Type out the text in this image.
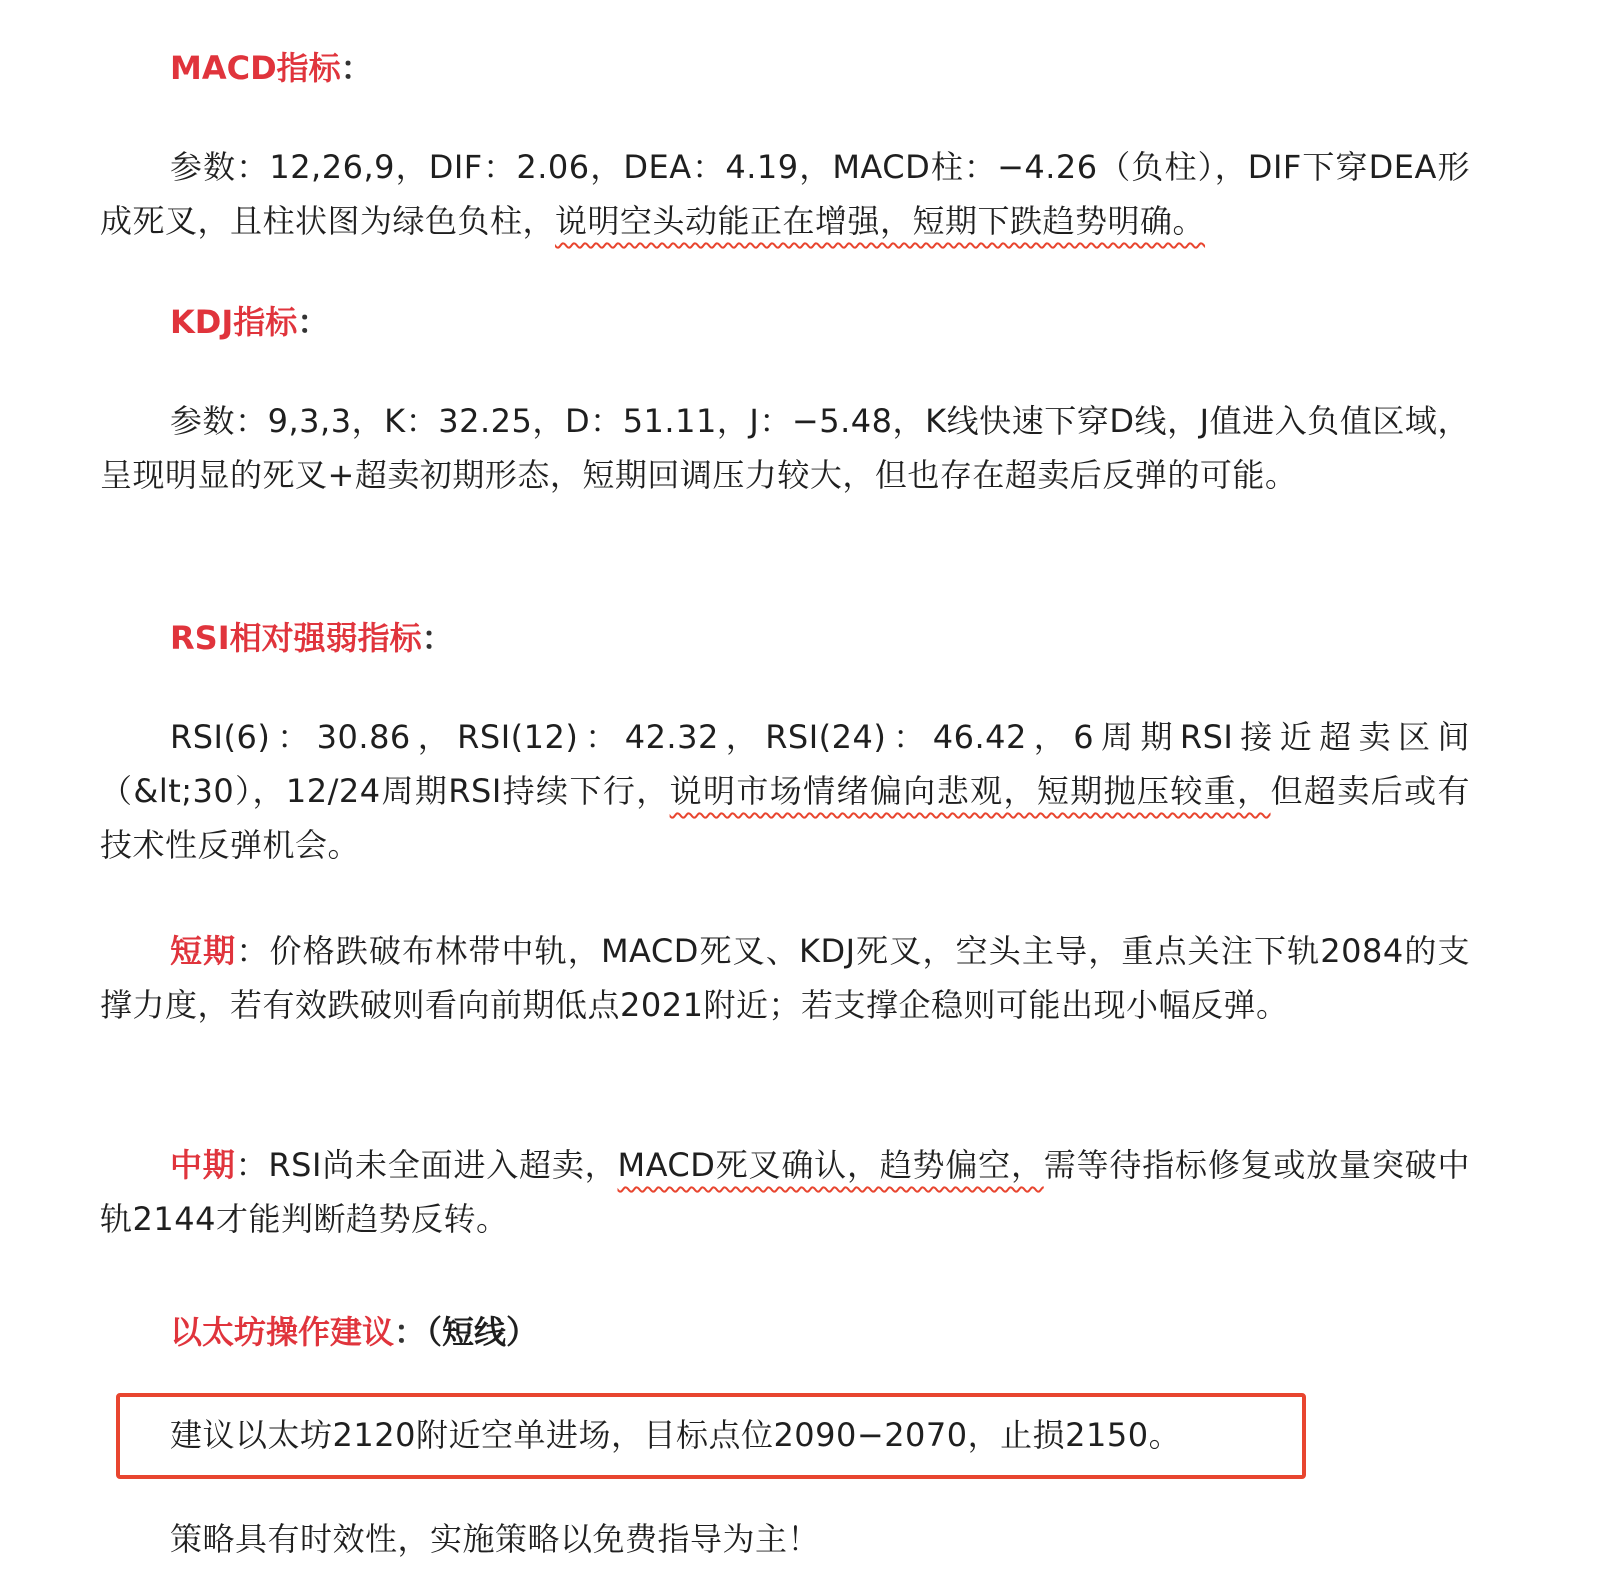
MACD指标：

参数：12,26,9，DIF：2.06，DEA：4.19，MACD柱：−4.26（负柱），DIF下穿DEA形成死叉，且柱状图为绿色负柱，说明空头动能正在增强，短期下跌趋势明确。

KDJ指标：

参数：9,3,3，K：32.25，D：51.11，J：−5.48，K线快速下穿D线，J值进入负值区域，呈现明显的死叉+超卖初期形态，短期回调压力较大，但也存在超卖后反弹的可能。

RSI相对强弱指标：

RSI(6)：30.86，RSI(12)：42.32，RSI(24)：46.42，6周期RSI接近超卖区间（&lt;30），12/24周期RSI持续下行，说明市场情绪偏向悲观，短期抛压较重，但超卖后或有技术性反弹机会。

短期：价格跌破布林带中轨，MACD死叉、KDJ死叉，空头主导，重点关注下轨2084的支撑力度，若有效跌破则看向前期低点2021附近；若支撑企稳则可能出现小幅反弹。

中期：RSI尚未全面进入超卖，MACD死叉确认，趋势偏空，需等待指标修复或放量突破中轨2144才能判断趋势反转。

以太坊操作建议：（短线）

建议以太坊2120附近空单进场，目标点位2090−2070，止损2150。

策略具有时效性，实施策略以免费指导为主！
